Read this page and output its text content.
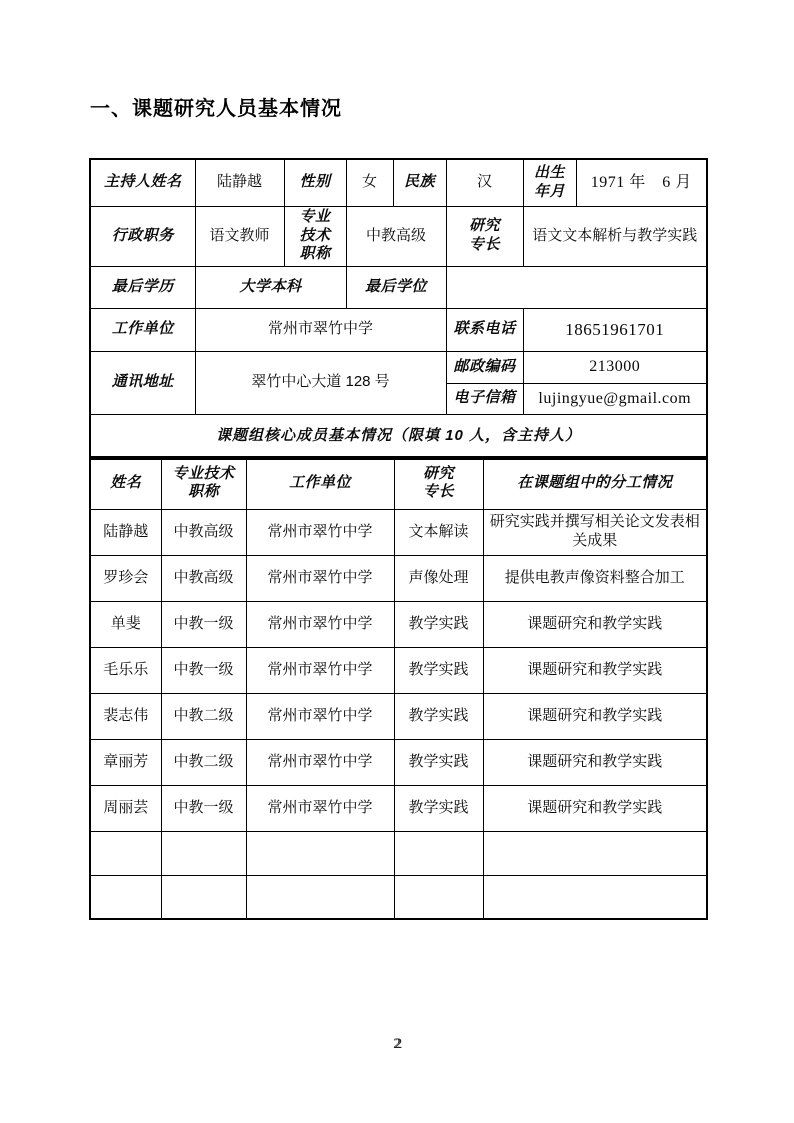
一、课题研究人员基本情况
主持人姓名	陆静越	性别	女	民族	汉	出生年月	1971 年　6 月
行政职务	语文教师	专业技术职称	中教高级		研究专长	语文文本解析与教学实践	
最后学历	大学本科		最后学位				
工作单位	常州市翠竹中学				联系电话	18651961701	
通讯地址	翠竹中心大道 128 号				邮政编码	213000	
					电子信箱	lujingyue@gmail.com	
课题组核心成员基本情况（限填 10 人，含主持人）							
姓名	专业技术职称	工作单位	研究专长	在课题组中的分工情况
陆静越	中教高级	常州市翠竹中学	文本解读	研究实践并撰写相关论文发表相关成果
罗珍会	中教高级	常州市翠竹中学	声像处理	提供电教声像资料整合加工
单斐	中教一级	常州市翠竹中学	教学实践	课题研究和教学实践
毛乐乐	中教一级	常州市翠竹中学	教学实践	课题研究和教学实践
裴志伟	中教二级	常州市翠竹中学	教学实践	课题研究和教学实践
章丽芳	中教二级	常州市翠竹中学	教学实践	课题研究和教学实践
周丽芸	中教一级	常州市翠竹中学	教学实践	课题研究和教学实践

2
